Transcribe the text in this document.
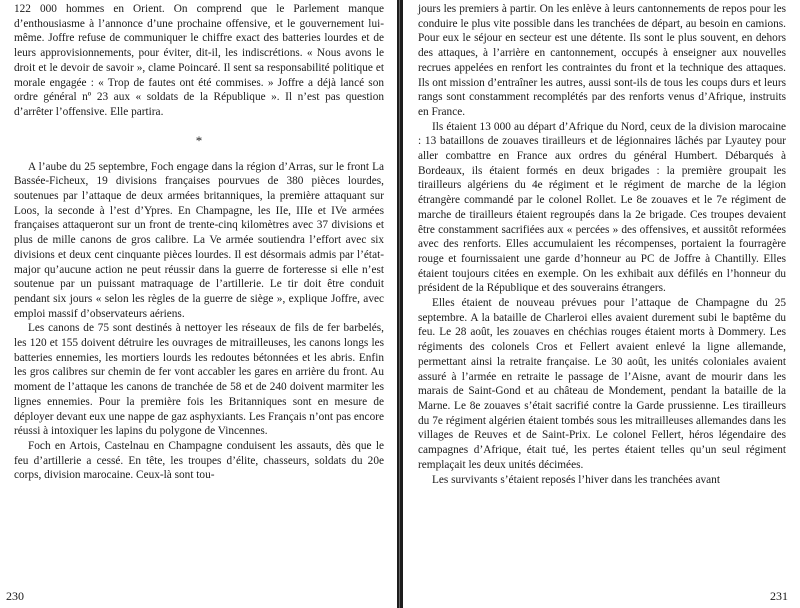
122 000 hommes en Orient. On comprend que le Parlement manque d’enthousiasme à l’annonce d’une prochaine offensive, et le gouvernement lui-même. Joffre refuse de communiquer le chiffre exact des batteries lourdes et de leurs approvisionnements, pour éviter, dit-il, les indiscrétions. « Nous avons le droit et le devoir de savoir », clame Poincaré. Il sent sa responsabilité politique et morale engagée : « Trop de fautes ont été commises. » Joffre a déjà lancé son ordre général nº 23 aux « soldats de la République ». Il n’est pas question d’arrêter l’offensive. Elle partira.

*

A l’aube du 25 septembre, Foch engage dans la région d’Arras, sur le front La Bassée-Ficheux, 19 divisions françaises pourvues de 380 pièces lourdes, soutenues par l’attaque de deux armées britanniques, la première attaquant sur Loos, la seconde à l’est d’Ypres. En Champagne, les IIe, IIIe et IVe armées françaises attaqueront sur un front de trente-cinq kilomètres avec 37 divisions et plus de mille canons de gros calibre. La Ve armée soutiendra l’effort avec six divisions et deux cent cinquante pièces lourdes. Il est désormais admis par l’état-major qu’aucune action ne peut réussir dans la guerre de forteresse si elle n’est soutenue par un puissant matraquage de l’artillerie. Le tir doit être conduit pendant six jours « selon les règles de la guerre de siège », explique Joffre, avec emploi massif d’observateurs aériens.

Les canons de 75 sont destinés à nettoyer les réseaux de fils de fer barbelés, les 120 et 155 doivent détruire les ouvrages de mitrailleuses, les canons longs les batteries ennemies, les mortiers lourds les redoutes bétonnées et les abris. Enfin les gros calibres sur chemin de fer vont accabler les gares en arrière du front. Au moment de l’attaque les canons de tranchée de 58 et de 240 doivent marmiter les lignes ennemies. Pour la première fois les Britanniques sont en mesure de déployer devant eux une nappe de gaz asphyxiants. Les Français n’ont pas encore réussi à intoxiquer les lapins du polygone de Vincennes.

Foch en Artois, Castelnau en Champagne conduisent les assauts, dès que le feu d’artillerie a cessé. En tête, les troupes d’élite, chasseurs, soldats du 20e corps, division marocaine. Ceux-là sont tou-

230

jours les premiers à partir. On les enlève à leurs cantonnements de repos pour les conduire le plus vite possible dans les tranchées de départ, au besoin en camions. Pour eux le séjour en secteur est une détente. Ils sont le plus souvent, en dehors des attaques, à l’arrière en cantonnement, occupés à enseigner aux nouvelles recrues appelées en renfort les contraintes du front et la technique des attaques. Ils ont mission d’entraîner les autres, aussi sont-ils de tous les coups durs et leurs rangs sont constamment recomplétés par des renforts venus d’Afrique, instruits en France.

Ils étaient 13 000 au départ d’Afrique du Nord, ceux de la division marocaine : 13 bataillons de zouaves tirailleurs et de légionnaires lâchés par Lyautey pour aller combattre en France aux ordres du général Humbert. Débarqués à Bordeaux, ils étaient formés en deux brigades : la première groupait les tirailleurs algériens du 4e régiment et le régiment de marche de la légion étrangère commandé par le colonel Rollet. Le 8e zouaves et le 7e régiment de marche de tirailleurs étaient regroupés dans la 2e brigade. Ces troupes devaient être constamment sacrifiées aux « percées » des offensives, et aussitôt reformées avec des renforts. Elles accumulaient les récompenses, portaient la fourragère rouge et fournissaient une garde d’honneur au PC de Joffre à Chantilly. Elles étaient toujours citées en exemple. On les exhibait aux défilés en l’honneur du président de la République et des souverains étrangers.

Elles étaient de nouveau prévues pour l’attaque de Champagne du 25 septembre. A la bataille de Charleroi elles avaient durement subi le baptême du feu. Le 28 août, les zouaves en chéchias rouges étaient morts à Dommery. Les régiments des colonels Cros et Fellert avaient enlevé la ligne allemande, permettant ainsi la retraite française. Le 30 août, les unités coloniales avaient assuré à l’armée en retraite le passage de l’Aisne, avant de mourir dans les marais de Saint-Gond et au château de Mondement, pendant la bataille de la Marne. Le 8e zouaves s’était sacrifié contre la Garde prussienne. Les tirailleurs du 7e régiment algérien étaient tombés sous les mitrailleuses allemandes dans les villages de Reuves et de Saint-Prix. Le colonel Fellert, héros légendaire des campagnes d’Afrique, était tué, les pertes étaient telles qu’un seul régiment remplaçait les deux unités décimées.

Les survivants s’étaient reposés l’hiver dans les tranchées avant

231
